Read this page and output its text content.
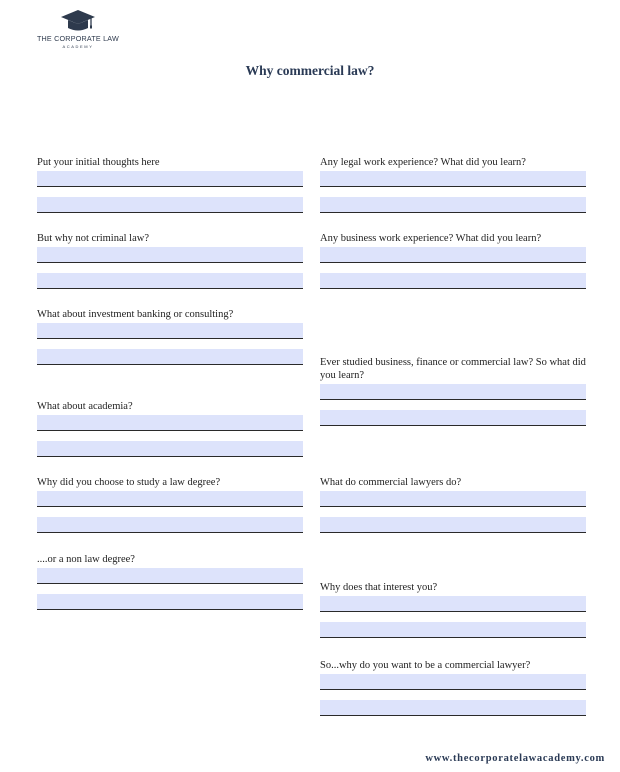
THE CORPORATE LAW
ACADEMY
Why commercial law?
Put your initial thoughts here
But why not criminal law?
What about investment banking or consulting?
What about academia?
Why did you choose to study a law degree?
....or a non law degree?
Any legal work experience? What did you learn?
Any business work experience? What did you learn?
Ever studied business, finance or commercial law? So what did you learn?
What do commercial lawyers do?
Why does that interest you?
So...why do you want to be a commercial lawyer?
www.thecorporatelawacademy.com
